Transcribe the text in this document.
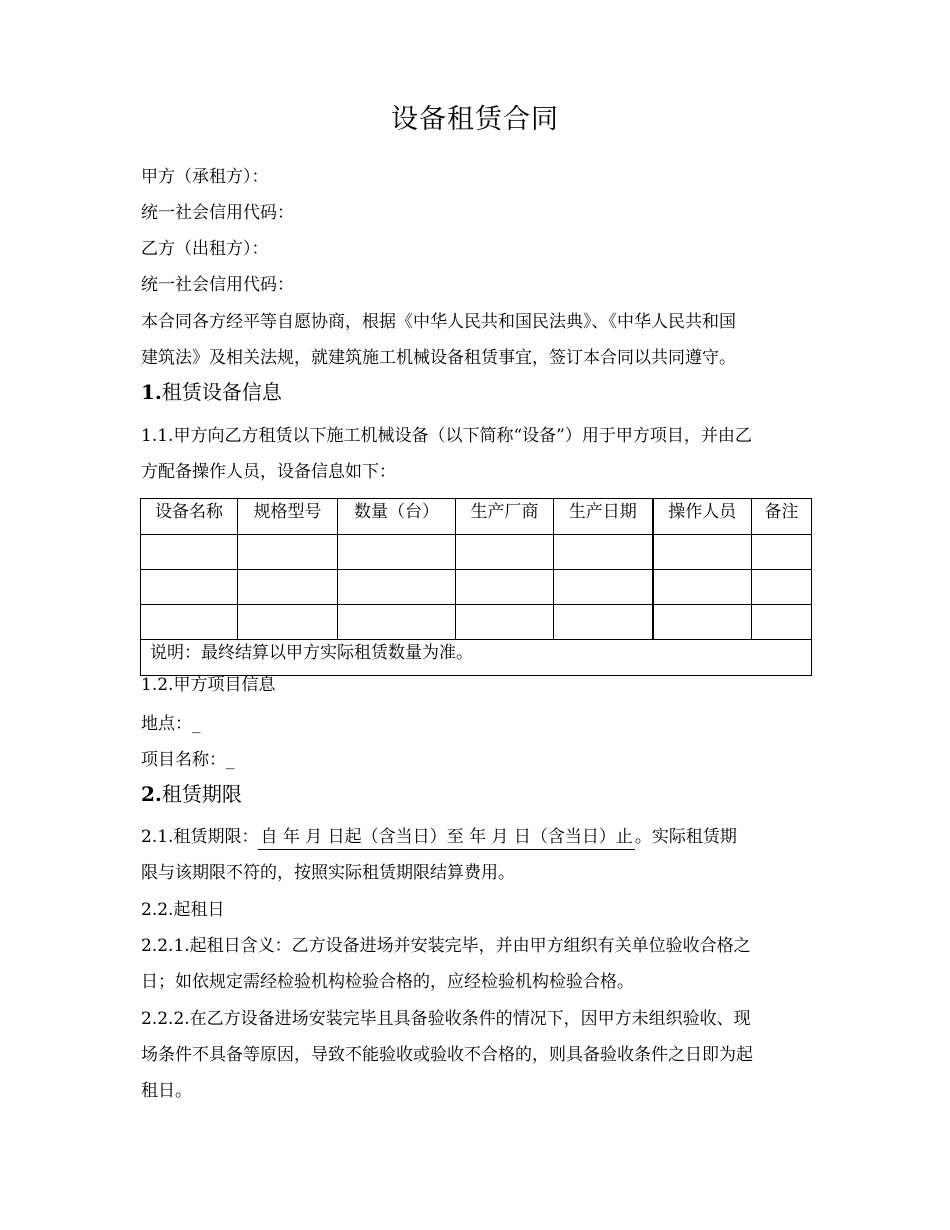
设备租赁合同
甲方（承租方）：
统一社会信用代码：
乙方（出租方）：
统一社会信用代码：
本合同各方经平等自愿协商，根据《中华人民共和国民法典》、《中华人民共和国
建筑法》及相关法规，就建筑施工机械设备租赁事宜，签订本合同以共同遵守。
1.租赁设备信息
1.1.甲方向乙方租赁以下施工机械设备（以下简称“设备”）用于甲方项目，并由乙
方配备操作人员，设备信息如下：
设备名称	规格型号	数量（台）	生产厂商	生产日期	操作人员	备注

说明：最终结算以甲方实际租赁数量为准。						
1.2.甲方项目信息
地点：_
项目名称：_
2.租赁期限
2.1.租赁期限： 自 年 月 日起（含当日）至 年 月 日（含当日）止 。实际租赁期
限与该期限不符的，按照实际租赁期限结算费用。
2.2.起租日
2.2.1.起租日含义：乙方设备进场并安装完毕，并由甲方组织有关单位验收合格之
日；如依规定需经检验机构检验合格的，应经检验机构检验合格。
2.2.2.在乙方设备进场安装完毕且具备验收条件的情况下，因甲方未组织验收、现
场条件不具备等原因，导致不能验收或验收不合格的，则具备验收条件之日即为起
租日。
